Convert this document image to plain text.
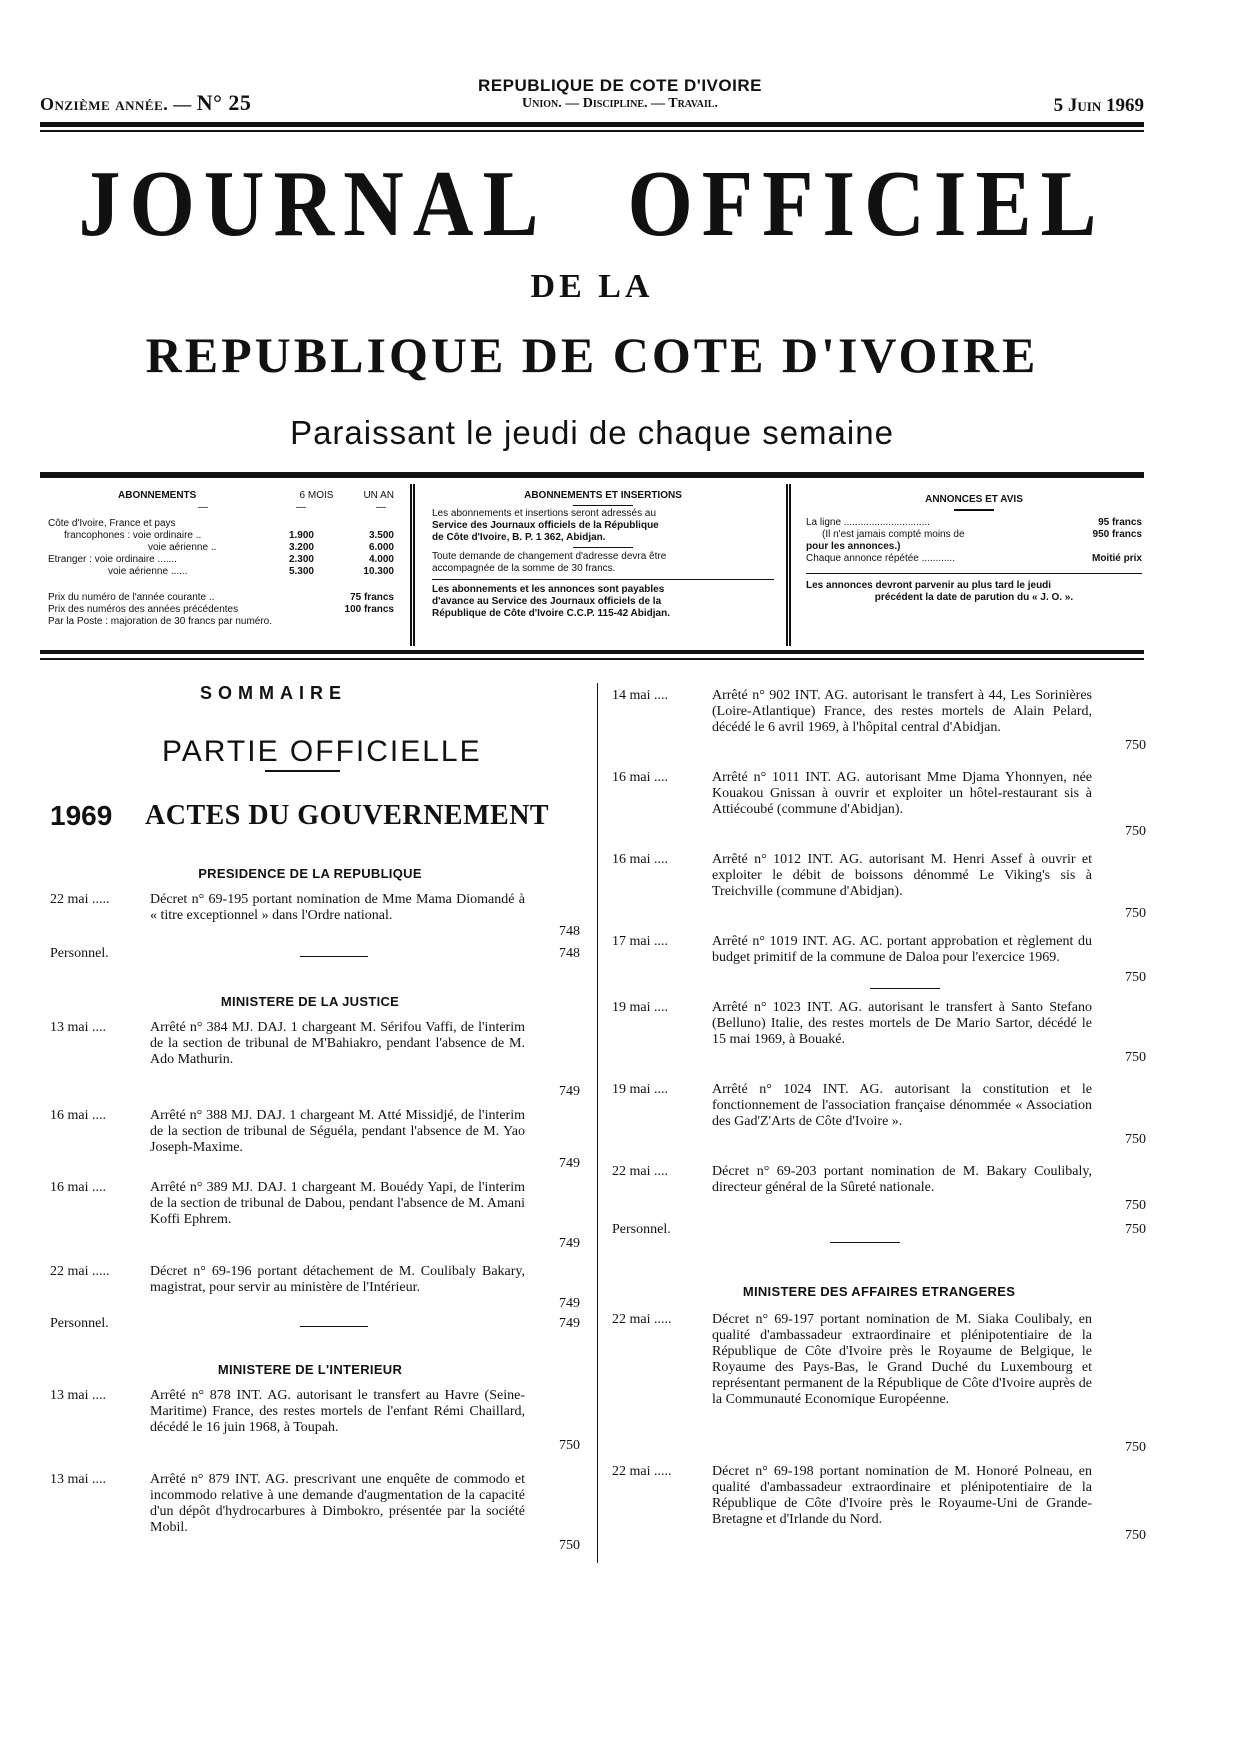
Onzième année. — N° 25
REPUBLIQUE DE COTE D'IVOIRE
Union. — Discipline. — Travail.	5 Juin 1969
JOURNAL OFFICIEL
DE LA
REPUBLIQUE DE COTE D'IVOIRE
Paraissant le jeudi de chaque semaine
ABONNEMENTS	6 MOIS	UN AN
—	—	—
Côte d'Ivoire, France et pays
francophones : voie ordinaire ..	1.900	3.500
voie aérienne ..	3.200	6.000
Etranger : voie ordinaire .......	2.300	4.000
voie aérienne ......	5.300	10.300
Prix du numéro de l'année courante ..	75 francs
Prix des numéros des années précédentes	100 francs
Par la Poste : majoration de 30 francs par numéro.
ABONNEMENTS ET INSERTIONS
Les abonnements et insertions seront adressés au
Service des Journaux officiels de la République
de Côte d'Ivoire, B. P. 1 362, Abidjan.
Toute demande de changement d'adresse devra être
accompagnée de la somme de 30 francs.
Les abonnements et les annonces sont payables
d'avance au Service des Journaux officiels de la
République de Côte d'Ivoire C.C.P. 115-42 Abidjan.
ANNONCES ET AVIS
La ligne ...............................	95 francs
(Il n'est jamais compté moins de	950 francs
pour les annonces.)
Chaque annonce répétée ............	Moitié prix
Les annonces devront parvenir au plus tard le jeudi
précédent la date de parution du « J. O. ».
SOMMAIRE
PARTIE OFFICIELLE
1969 ACTES DU GOUVERNEMENT
PRESIDENCE DE LA REPUBLIQUE
22 mai .....	Décret n° 69-195 portant nomination de Mme Mama Diomandé à « titre exceptionnel » dans l'Ordre national.
748
Personnel.	748
MINISTERE DE LA JUSTICE
13 mai ....	Arrêté n° 384 MJ. DAJ. 1 chargeant M. Sérifou Vaffi, de l'interim de la section de tribunal de M'Bahiakro, pendant l'absence de M. Ado Mathurin.
749
16 mai ....	Arrêté n° 388 MJ. DAJ. 1 chargeant M. Atté Missidjé, de l'interim de la section de tribunal de Séguéla, pendant l'absence de M. Yao Joseph-Maxime.
749
16 mai ....	Arrêté n° 389 MJ. DAJ. 1 chargeant M. Bouédy Yapi, de l'interim de la section de tribunal de Dabou, pendant l'absence de M. Amani Koffi Ephrem.
749
22 mai .....	Décret n° 69-196 portant détachement de M. Coulibaly Bakary, magistrat, pour servir au ministère de l'Intérieur.
749
Personnel.	749
MINISTERE DE L'INTERIEUR
13 mai ....	Arrêté n° 878 INT. AG. autorisant le transfert au Havre (Seine-Maritime) France, des restes mortels de l'enfant Rémi Chaillard, décédé le 16 juin 1968, à Toupah.
750
13 mai ....	Arrêté n° 879 INT. AG. prescrivant une enquête de commodo et incommodo relative à une demande d'augmentation de la capacité d'un dépôt d'hydrocarbures à Dimbokro, présentée par la société Mobil.
750
14 mai ....	Arrêté n° 902 INT. AG. autorisant le transfert à 44, Les Sorinières (Loire-Atlantique) France, des restes mortels de Alain Pelard, décédé le 6 avril 1969, à l'hôpital central d'Abidjan.
750
16 mai ....	Arrêté n° 1011 INT. AG. autorisant Mme Djama Yhonnyen, née Kouakou Gnissan à ouvrir et exploiter un hôtel-restaurant sis à Attiécoubé (commune d'Abidjan).
750
16 mai ....	Arrêté n° 1012 INT. AG. autorisant M. Henri Assef à ouvrir et exploiter le débit de boissons dénommé Le Viking's sis à Treichville (commune d'Abidjan).
750
17 mai ....	Arrêté n° 1019 INT. AG. AC. portant approbation et règlement du budget primitif de la commune de Daloa pour l'exercice 1969.
750
19 mai ....	Arrêté n° 1023 INT. AG. autorisant le transfert à Santo Stefano (Belluno) Italie, des restes mortels de De Mario Sartor, décédé le 15 mai 1969, à Bouaké.
750
19 mai ....	Arrêté n° 1024 INT. AG. autorisant la constitution et le fonctionnement de l'association française dénommée « Association des Gad'Z'Arts de Côte d'Ivoire ».
750
22 mai ....	Décret n° 69-203 portant nomination de M. Bakary Coulibaly, directeur général de la Sûreté nationale.
750
Personnel.	750
MINISTERE DES AFFAIRES ETRANGERES
22 mai .....	Décret n° 69-197 portant nomination de M. Siaka Coulibaly, en qualité d'ambassadeur extraordinaire et plénipotentiaire de la République de Côte d'Ivoire près le Royaume de Belgique, le Royaume des Pays-Bas, le Grand Duché du Luxembourg et représentant permanent de la République de Côte d'Ivoire auprès de la Communauté Economique Européenne.
750
22 mai .....	Décret n° 69-198 portant nomination de M. Honoré Polneau, en qualité d'ambassadeur extraordinaire et plénipotentiaire de la République de Côte d'Ivoire près le Royaume-Uni de Grande-Bretagne et d'Irlande du Nord.
750
